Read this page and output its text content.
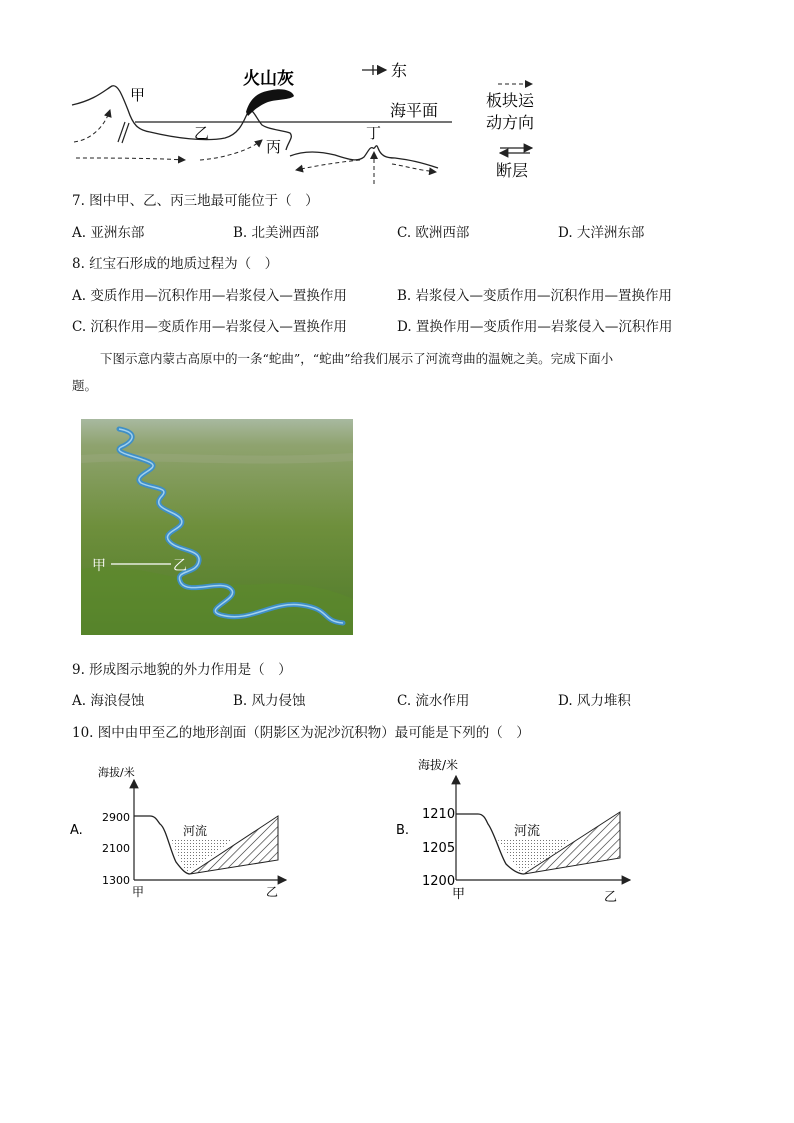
甲
乙
丙
丁
火山灰
海平面
东
板块运
动方向
断层
7. 图中甲、乙、丙三地最可能位于（　）
A. 亚洲东部	B. 北美洲西部	C. 欧洲西部	D. 大洋洲东部
8. 红宝石形成的地质过程为（　）
A. 变质作用—沉积作用—岩浆侵入—置换作用	B. 岩浆侵入—变质作用—沉积作用—置换作用
C. 沉积作用—变质作用—岩浆侵入—置换作用	D. 置换作用—变质作用—岩浆侵入—沉积作用
下图示意内蒙古高原中的一条“蛇曲”，“蛇曲”给我们展示了河流弯曲的温婉之美。完成下面小
题。
甲	乙
9. 形成图示地貌的外力作用是（　）
A. 海浪侵蚀	B. 风力侵蚀	C. 流水作用	D. 风力堆积
10. 图中由甲至乙的地形剖面（阴影区为泥沙沉积物）最可能是下列的（　）
A.
海拔/米
2900
2100
1300
河流
甲	乙
B.
海拔/米
1210
1205
1200
河流
甲	乙
